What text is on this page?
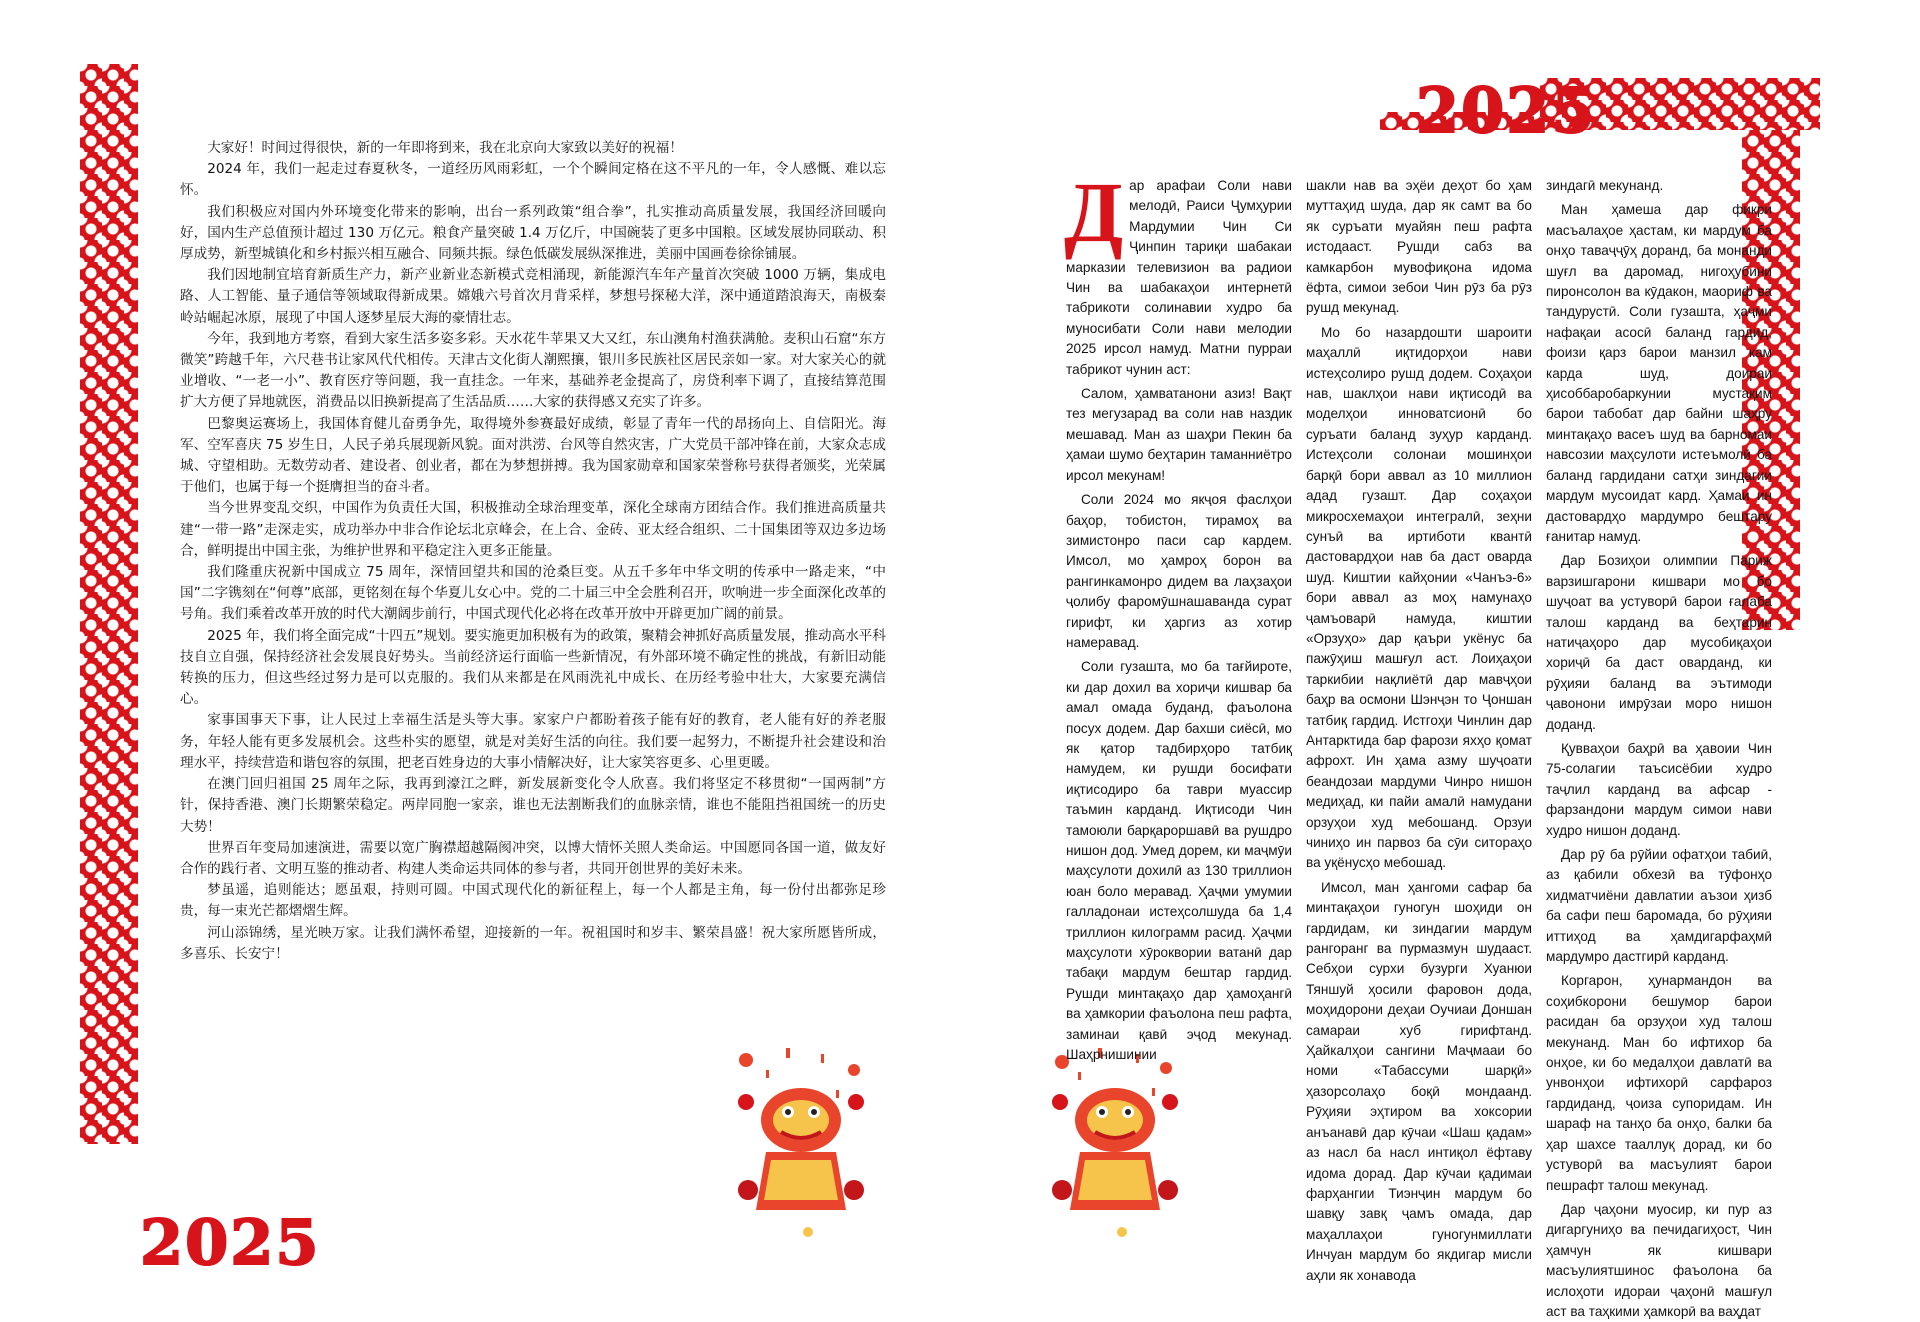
2025

大家好！时间过得很快，新的一年即将到来，我在北京向大家致以美好的祝福！

2024 年，我们一起走过春夏秋冬，一道经历风雨彩虹，一个个瞬间定格在这不平凡的一年，令人感慨、难以忘怀。

我们积极应对国内外环境变化带来的影响，出台一系列政策“组合拳”，扎实推动高质量发展，我国经济回暖向好，国内生产总值预计超过 130 万亿元。粮食产量突破 1.4 万亿斤，中国碗装了更多中国粮。区域发展协同联动、积厚成势，新型城镇化和乡村振兴相互融合、同频共振。绿色低碳发展纵深推进，美丽中国画卷徐徐铺展。

我们因地制宜培育新质生产力，新产业新业态新模式竞相涌现，新能源汽车年产量首次突破 1000 万辆，集成电路、人工智能、量子通信等领域取得新成果。嫦娥六号首次月背采样，梦想号探秘大洋，深中通道踏浪海天，南极秦岭站崛起冰原，展现了中国人逐梦星辰大海的豪情壮志。

今年，我到地方考察，看到大家生活多姿多彩。天水花牛苹果又大又红，东山澳角村渔获满舱。麦积山石窟“东方微笑”跨越千年，六尺巷书让家风代代相传。天津古文化街人潮熙攘，银川多民族社区居民亲如一家。对大家关心的就业增收、“一老一小”、教育医疗等问题，我一直挂念。一年来，基础养老金提高了，房贷利率下调了，直接结算范围扩大方便了异地就医，消费品以旧换新提高了生活品质……大家的获得感又充实了许多。

巴黎奥运赛场上，我国体育健儿奋勇争先，取得境外参赛最好成绩，彰显了青年一代的昂扬向上、自信阳光。海军、空军喜庆 75 岁生日，人民子弟兵展现新风貌。面对洪涝、台风等自然灾害，广大党员干部冲锋在前，大家众志成城、守望相助。无数劳动者、建设者、创业者，都在为梦想拼搏。我为国家勋章和国家荣誉称号获得者颁奖，光荣属于他们，也属于每一个挺膺担当的奋斗者。

当今世界变乱交织，中国作为负责任大国，积极推动全球治理变革，深化全球南方团结合作。我们推进高质量共建“一带一路”走深走实，成功举办中非合作论坛北京峰会，在上合、金砖、亚太经合组织、二十国集团等双边多边场合，鲜明提出中国主张，为维护世界和平稳定注入更多正能量。

我们隆重庆祝新中国成立 75 周年，深情回望共和国的沧桑巨变。从五千多年中华文明的传承中一路走来，“中国”二字镌刻在“何尊”底部，更铭刻在每个华夏儿女心中。党的二十届三中全会胜利召开，吹响进一步全面深化改革的号角。我们乘着改革开放的时代大潮阔步前行，中国式现代化必将在改革开放中开辟更加广阔的前景。

2025 年，我们将全面完成“十四五”规划。要实施更加积极有为的政策，聚精会神抓好高质量发展，推动高水平科技自立自强，保持经济社会发展良好势头。当前经济运行面临一些新情况，有外部环境不确定性的挑战，有新旧动能转换的压力，但这些经过努力是可以克服的。我们从来都是在风雨洗礼中成长、在历经考验中壮大，大家要充满信心。

家事国事天下事，让人民过上幸福生活是头等大事。家家户户都盼着孩子能有好的教育，老人能有好的养老服务，年轻人能有更多发展机会。这些朴实的愿望，就是对美好生活的向往。我们要一起努力，不断提升社会建设和治理水平，持续营造和谐包容的氛围，把老百姓身边的大事小情解决好，让大家笑容更多、心里更暖。

在澳门回归祖国 25 周年之际，我再到濠江之畔，新发展新变化令人欣喜。我们将坚定不移贯彻“一国两制”方针，保持香港、澳门长期繁荣稳定。两岸同胞一家亲，谁也无法割断我们的血脉亲情，谁也不能阻挡祖国统一的历史大势！

世界百年变局加速演进，需要以宽广胸襟超越隔阂冲突，以博大情怀关照人类命运。中国愿同各国一道，做友好合作的践行者、文明互鉴的推动者、构建人类命运共同体的参与者，共同开创世界的美好未来。

梦虽遥，追则能达；愿虽艰，持则可圆。中国式现代化的新征程上，每一个人都是主角，每一份付出都弥足珍贵，每一束光芒都熠熠生辉。

河山添锦绣，星光映万家。让我们满怀希望，迎接新的一年。祝祖国时和岁丰、繁荣昌盛！祝大家所愿皆所成，多喜乐、长安宁！

2025

Дар арафаи Соли нави мелодӣ, Раиси Ҷумҳурии Мардумии Чин Си Ҷинпин тариқи шабакаи марказии телевизион ва радиои Чин ва шабакаҳои интернетӣ табрикоти солинавии худро ба муносибати Соли нави мелодии 2025 ирсол намуд. Матни пурраи табрикот чунин аст:

Салом, ҳамватанони азиз! Вақт тез мегузарад ва соли нав наздик мешавад. Ман аз шаҳри Пекин ба ҳамаи шумо беҳтарин таманниётро ирсол мекунам!

Соли 2024 мо якҷоя фаслҳои баҳор, тобистон, тирамоҳ ва зимистонро паси сар кардем. Имсол, мо ҳамроҳ борон ва рангинкамонро дидем ва лаҳзаҳои ҷолибу фаромӯшнашаванда сурат гирифт, ки ҳаргиз аз хотир намеравад.

Соли гузашта, мо ба тағйироте, ки дар дохил ва хориҷи кишвар ба амал омада буданд, фаъолона посух додем. Дар бахши сиёсӣ, мо як қатор тадбирҳоро татбиқ намудем, ки рушди босифати иқтисодиро ба таври муассир таъмин карданд. Иқтисоди Чин тамоюли барқароршавӣ ва рушдро нишон дод. Умед дорем, ки маҷмӯи маҳсулоти дохилӣ аз 130 триллион юан боло меравад. Ҳаҷми умумии галладонаи истеҳсолшуда ба 1,4 триллион килограмм расид. Ҳаҷми маҳсулоти хӯроквории ватанӣ дар табақи мардум бештар гардид. Рушди минтақаҳо дар ҳамоҳангӣ ва ҳамкории фаъолона пеш рафта, заминаи қавӣ эҷод мекунад. Шаҳрнишинии

шакли нав ва эҳёи деҳот бо ҳам муттаҳид шуда, дар як самт ва бо як суръати муайян пеш рафта истодааст. Рушди сабз ва камкарбон мувофиқона идома ёфта, симои зебои Чин рӯз ба рӯз рушд мекунад.

Мо бо назардошти шароити маҳаллӣ иқтидорҳои нави истеҳсолиро рушд додем. Соҳаҳои нав, шаклҳои нави иқтисодӣ ва моделҳои инноватсионӣ бо суръати баланд зуҳур карданд. Истеҳсоли солонаи мошинҳои барқӣ бори аввал аз 10 миллион адад гузашт. Дар соҳаҳои микросхемаҳои интегралӣ, зеҳни сунъӣ ва иртиботи квантӣ дастовардҳои нав ба даст оварда шуд. Киштии кайҳонии «Чанъэ-6» бори аввал аз моҳ намунаҳо ҷамъоварӣ намуда, киштии «Орзуҳо» дар қаъри укёнус ба пажӯҳиш машғул аст. Лоиҳаҳои таркибии нақлиётӣ дар мавҷҳои баҳр ва осмони Шэнҷэн то Ҷоншан татбиқ гардид. Истгоҳи Чинлин дар Антарктида бар фарози яхҳо қомат афрохт. Ин ҳама азму шуҷоати беандозаи мардуми Чинро нишон медиҳад, ки пайи амалӣ намудани орзуҳои худ мебошанд. Орзуи чиниҳо ин парвоз ба сӯи ситораҳо ва уқёнусҳо мебошад.

Имсол, ман ҳангоми сафар ба минтақаҳои гуногун шоҳиди он гардидам, ки зиндагии мардум рангоранг ва пурмазмун шудааст. Себҳои сурхи бузурги Хуанюи Тяншуй ҳосили фаровон дода, моҳидорони деҳаи Оучиаи Доншан самараи хуб гирифтанд. Ҳайкалҳои сангини Маҷмааи бо номи «Табассуми шарқӣ» ҳазорсолаҳо боқӣ мондаанд. Рӯҳияи эҳтиром ва хоксории анъанавӣ дар кӯчаи «Шаш қадам» аз насл ба насл интиқол ёфтаву идома дорад. Дар кӯчаи қадимаи фарҳангии Тиэнҷин мардум бо шавқу завқ ҷамъ омада, дар маҳаллаҳои гуногунмиллати Инчуан мардум бо якдигар мисли аҳли як хонавода

зиндагӣ мекунанд.

Ман ҳамеша дар фикри масъалаҳое ҳастам, ки мардум ба онҳо таваҷҷӯҳ доранд, ба монанди шуғл ва даромад, нигоҳубини пиронсолон ва кӯдакон, маориф ва тандурустӣ. Соли гузашта, ҳаҷми нафақаи асосӣ баланд гардид, фоизи қарз барои манзил кам карда шуд, доираи ҳисоббаробаркунии мустақим барои табобат дар байни шаҳру минтақаҳо васеъ шуд ва барномаи навсозии маҳсулоти истеъмолӣ ба баланд гардидани сатҳи зиндагии мардум мусоидат кард. Ҳамаи ин дастовардҳо мардумро бештару ғанитар намуд.

Дар Бозиҳои олимпии Париж варзишгарони кишвари мо бо шуҷоат ва устуворӣ барои ғалаба талош карданд ва беҳтарин натиҷаҳоро дар мусобиқаҳои хориҷӣ ба даст оварданд, ки рӯҳияи баланд ва эътимоди ҷавонони имрӯзаи моро нишон доданд.

Қувваҳои баҳрӣ ва ҳавоии Чин 75-солагии таъсисёбии худро таҷлил карданд ва афсар - фарзандони мардум симои нави худро нишон доданд.

Дар рӯ ба рӯйии офатҳои табиӣ, аз қабили обхезӣ ва тӯфонҳо хидматчиёни давлатии аъзои ҳизб ба сафи пеш баромада, бо рӯҳияи иттиҳод ва ҳамдигарфаҳмӣ мардумро дастгирӣ карданд.

Коргарон, ҳунармандон ва соҳибкорони бешумор барои расидан ба орзуҳои худ талош мекунанд. Ман бо ифтихор ба онҳое, ки бо медалҳои давлатӣ ва унвонҳои ифтихорӣ сарфароз гардиданд, ҷоиза супоридам. Ин шараф на танҳо ба онҳо, балки ба ҳар шахсе тааллуқ дорад, ки бо устуворӣ ва масъулият барои пешрафт талош мекунад.

Дар ҷаҳони муосир, ки пур аз дигаргуниҳо ва печидагиҳост, Чин ҳамчун як кишвари масъулиятшинос фаъолона ба ислоҳоти идораи ҷаҳонӣ машғул аст ва таҳкими ҳамкорӣ ва ваҳдат
